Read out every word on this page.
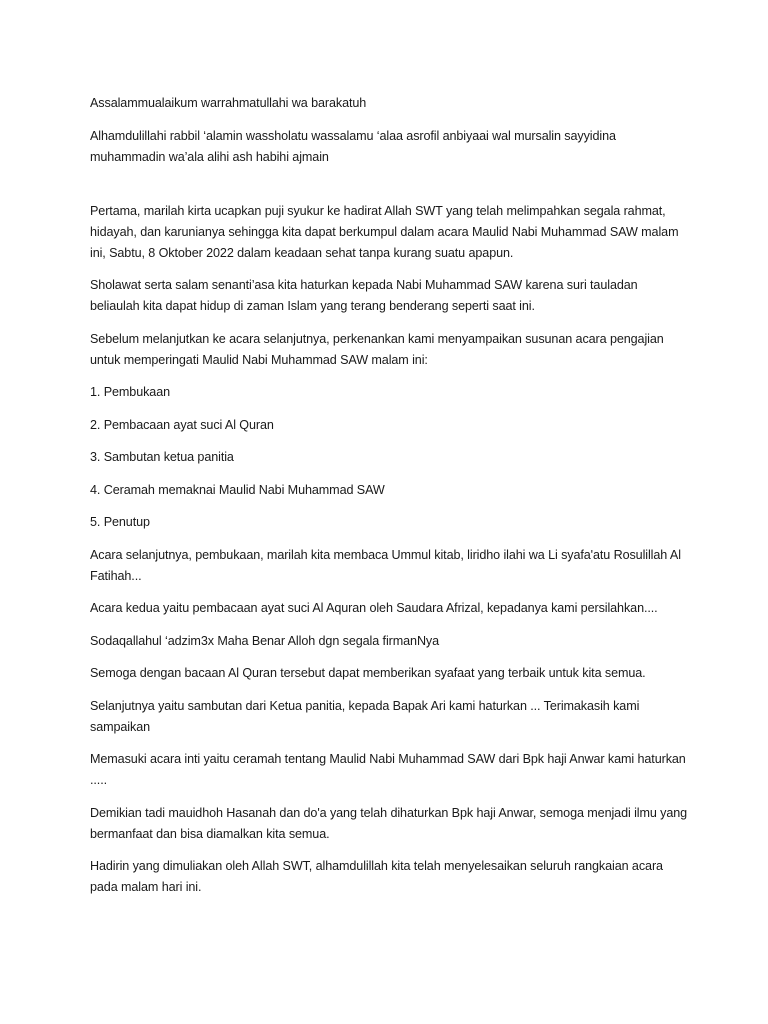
Assalammualaikum warrahmatullahi wa barakatuh

Alhamdulillahi rabbil ‘alamin wassholatu wassalamu ‘alaa asrofil anbiyaai wal mursalin sayyidina muhammadin wa’ala alihi ash habihi ajmain

Pertama, marilah kirta ucapkan puji syukur ke hadirat Allah SWT yang telah melimpahkan segala rahmat, hidayah, dan karunianya sehingga kita dapat berkumpul dalam acara Maulid Nabi Muhammad SAW malam ini, Sabtu, 8 Oktober 2022 dalam keadaan sehat tanpa kurang suatu apapun.

Sholawat serta salam senanti’asa kita haturkan kepada Nabi Muhammad SAW karena suri tauladan beliaulah kita dapat hidup di zaman Islam yang terang benderang seperti saat ini.

Sebelum melanjutkan ke acara selanjutnya, perkenankan kami menyampaikan susunan acara pengajian untuk memperingati Maulid Nabi Muhammad SAW malam ini:

1. Pembukaan

2. Pembacaan ayat suci Al Quran

3. Sambutan ketua panitia

4. Ceramah memaknai Maulid Nabi Muhammad SAW

5. Penutup

Acara selanjutnya, pembukaan, marilah kita membaca Ummul kitab, liridho ilahi wa Li syafa'atu Rosulillah Al Fatihah...

Acara kedua yaitu pembacaan ayat suci Al Aquran oleh Saudara Afrizal, kepadanya kami persilahkan....

Sodaqallahul ‘adzim3x Maha Benar Alloh dgn segala firmanNya

Semoga dengan bacaan Al Quran tersebut dapat memberikan syafaat yang terbaik untuk kita semua.

Selanjutnya yaitu sambutan dari Ketua panitia, kepada Bapak Ari kami haturkan ... Terimakasih kami sampaikan

Memasuki acara inti yaitu ceramah tentang Maulid Nabi Muhammad SAW dari Bpk haji Anwar kami haturkan .....

Demikian tadi mauidhoh Hasanah dan do'a yang telah dihaturkan Bpk haji Anwar, semoga menjadi ilmu yang bermanfaat dan bisa diamalkan kita semua.

Hadirin yang dimuliakan oleh Allah SWT, alhamdulillah kita telah menyelesaikan seluruh rangkaian acara pada malam hari ini.
